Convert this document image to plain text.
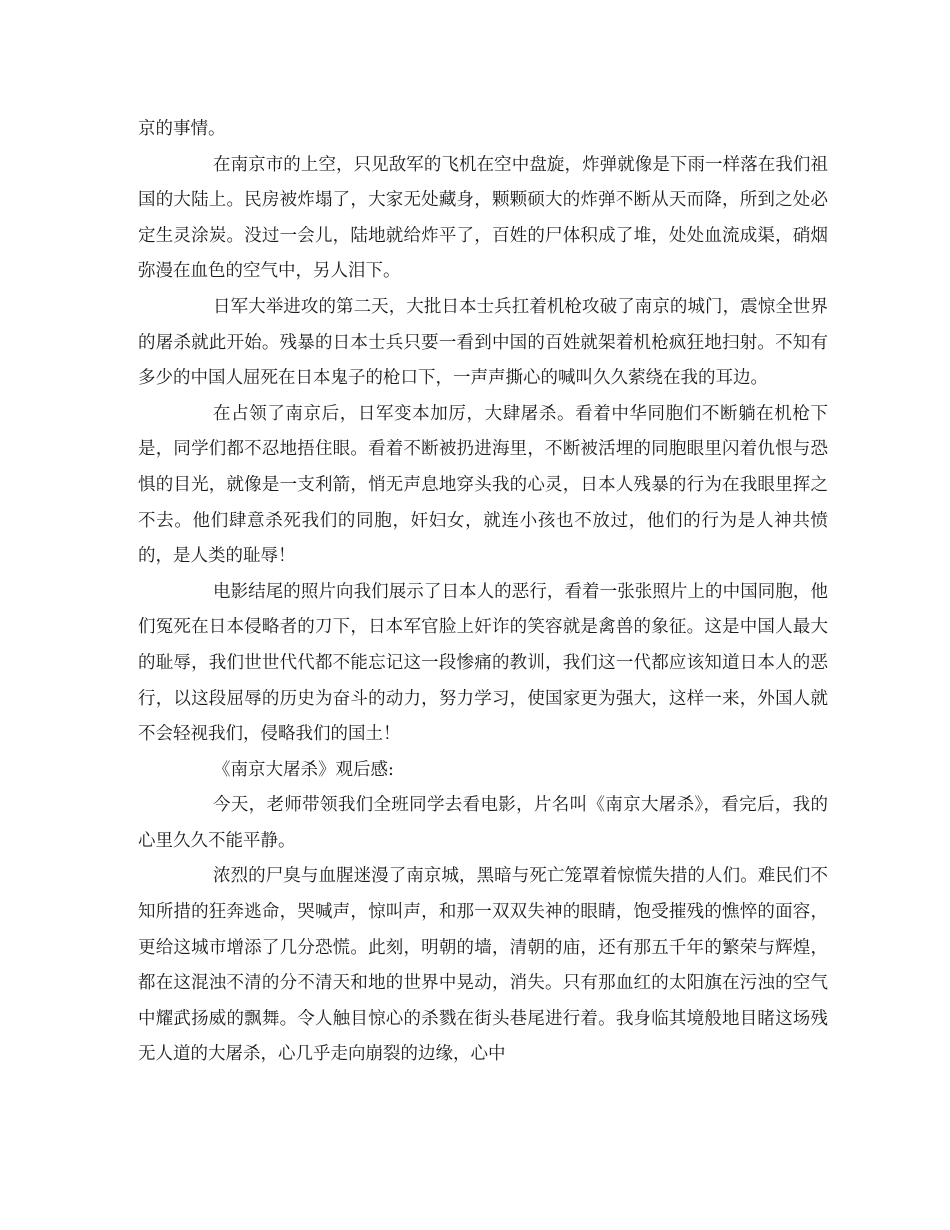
京的事情。

在南京市的上空，只见敌军的飞机在空中盘旋，炸弹就像是下雨一样落在我们祖国的大陆上。民房被炸塌了，大家无处藏身，颗颗硕大的炸弹不断从天而降，所到之处必定生灵涂炭。没过一会儿，陆地就给炸平了，百姓的尸体积成了堆，处处血流成渠，硝烟弥漫在血色的空气中，另人泪下。

日军大举进攻的第二天，大批日本士兵扛着机枪攻破了南京的城门，震惊全世界的屠杀就此开始。残暴的日本士兵只要一看到中国的百姓就架着机枪疯狂地扫射。不知有多少的中国人屈死在日本鬼子的枪口下，一声声撕心的喊叫久久萦绕在我的耳边。

在占领了南京后，日军变本加厉，大肆屠杀。看着中华同胞们不断躺在机枪下是，同学们都不忍地捂住眼。看着不断被扔进海里，不断被活埋的同胞眼里闪着仇恨与恐惧的目光，就像是一支利箭，悄无声息地穿头我的心灵，日本人残暴的行为在我眼里挥之不去。他们肆意杀死我们的同胞，奸妇女，就连小孩也不放过，他们的行为是人神共愤的，是人类的耻辱！

电影结尾的照片向我们展示了日本人的恶行，看着一张张照片上的中国同胞，他们冤死在日本侵略者的刀下，日本军官脸上奸诈的笑容就是禽兽的象征。这是中国人最大的耻辱，我们世世代代都不能忘记这一段惨痛的教训，我们这一代都应该知道日本人的恶行，以这段屈辱的历史为奋斗的动力，努力学习，使国家更为强大，这样一来，外国人就不会轻视我们，侵略我们的国土！

《南京大屠杀》观后感:

今天，老师带领我们全班同学去看电影，片名叫《南京大屠杀》，看完后，我的心里久久不能平静。

浓烈的尸臭与血腥迷漫了南京城，黑暗与死亡笼罩着惊慌失措的人们。难民们不知所措的狂奔逃命，哭喊声，惊叫声，和那一双双失神的眼睛，饱受摧残的憔悴的面容，更给这城市增添了几分恐慌。此刻，明朝的墙，清朝的庙，还有那五千年的繁荣与辉煌，都在这混浊不清的分不清天和地的世界中晃动，消失。只有那血红的太阳旗在污浊的空气中耀武扬威的飘舞。令人触目惊心的杀戮在街头巷尾进行着。我身临其境般地目睹这场残无人道的大屠杀，心几乎走向崩裂的边缘，心中
